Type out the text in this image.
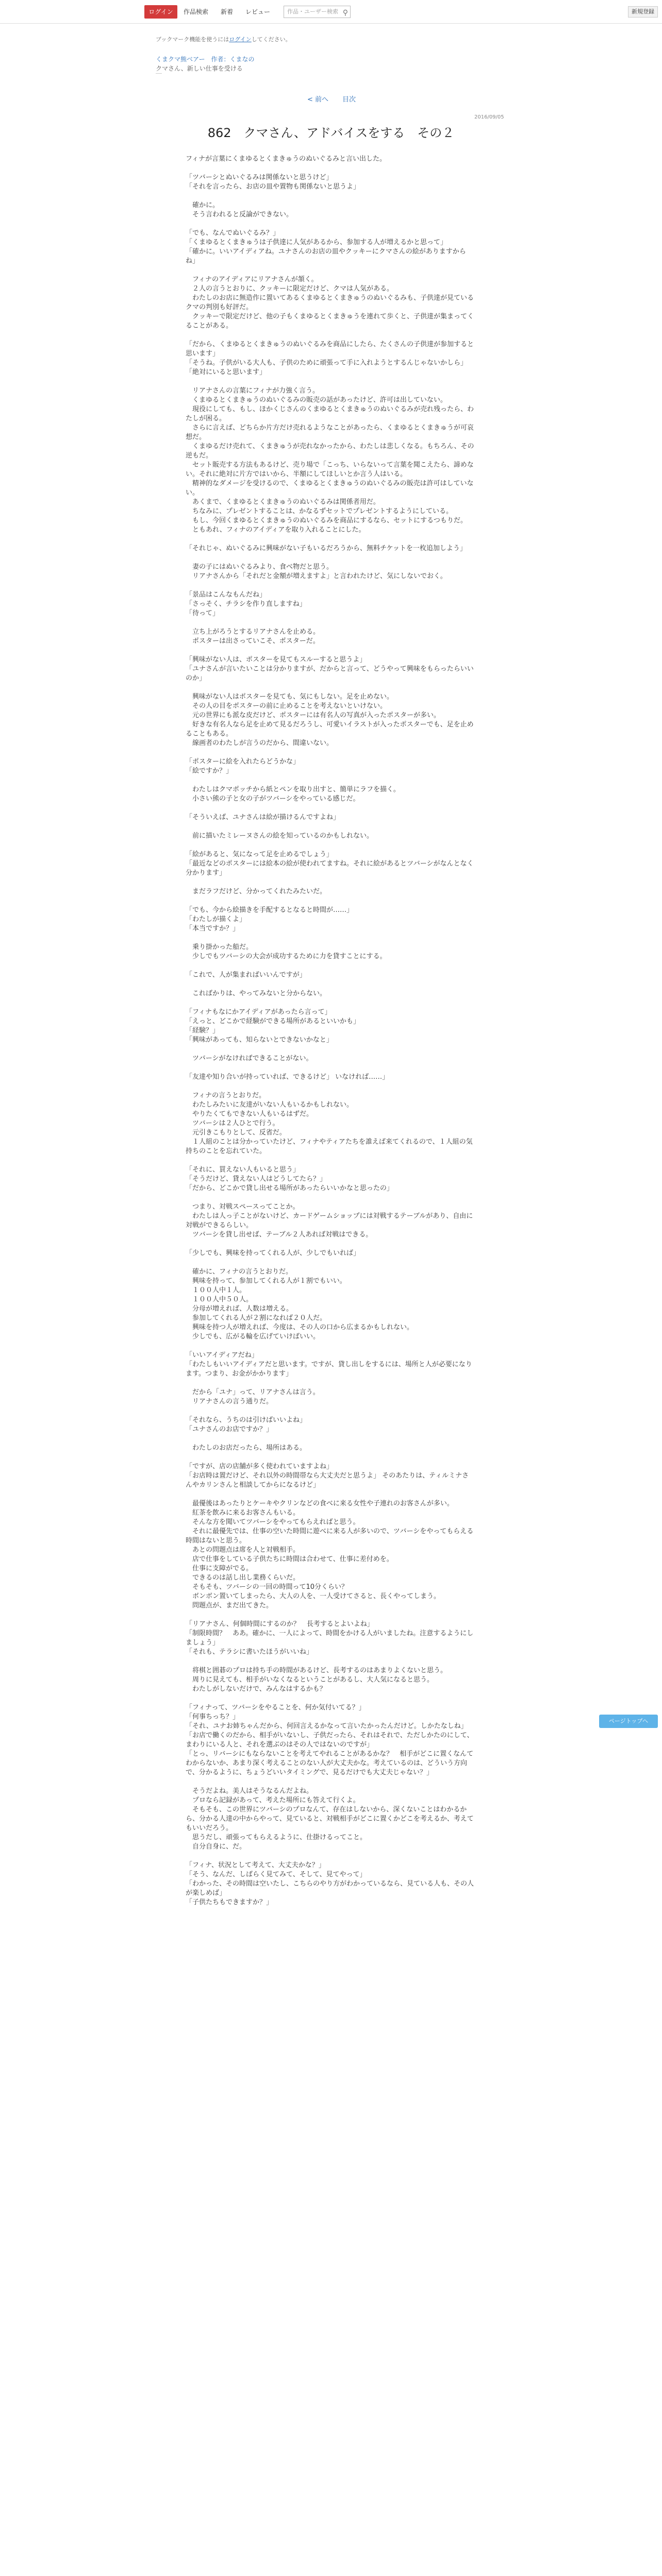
ログイン	作品検索 新着 レビュー	作品・ユーザー検索 ⚲	新規登録
ブックマーク機能を使うにはログインしてください。
くまクマ熊ベアー 作者：くまなの
クマさん、新しい仕事を受ける
< 前へ 目次
2016/09/05
862　クマさん、アドバイスをする　その２

フィナが言葉にくまゆるとくまきゅうのぬいぐるみと言い出した。

「ツバーシとぬいぐるみは関係ないと思うけど」

「それを言ったら、お店の皿や置物も関係ないと思うよ」

　確かに。

　そう言われると反論ができない。

「でも、なんでぬいぐるみ？」

「くまゆるとくまきゅうは子供達に人気があるから、参加する人が増えるかと思って」

「確かに。いいアイディアね。ユナさんのお店の皿やクッキーにクマさんの絵がありますからね」

　フィナのアイディアにリアナさんが頷く。

　２人の言うとおりに、クッキーに限定だけど、クマは人気がある。

　わたしのお店に無造作に置いてあるくまゆるとくまきゅうのぬいぐるみも、子供達が見ているクマの判別も好評だ。

　クッキーで限定だけど、他の子もくまゆるとくまきゅうを連れて歩くと、子供達が集まってくることがある。

「だから、くまゆるとくまきゅうのぬいぐるみを商品にしたら、たくさんの子供達が参加すると思います」

「そうね。子供がいる大人も、子供のために頑張って手に入れようとするんじゃないかしら」

「絶対にいると思います」

　リアナさんの言葉にフィナが力強く言う。

　くまゆるとくまきゅうのぬいぐるみの販売の話があったけど、許可は出していない。

　現役にしても、もし、ほかくじさんのくまゆるとくまきゅうのぬいぐるみが売れ残ったら、わたしが困る。

　さらに言えば、どちらか片方だけ売れるようなことがあったら、くまゆるとくまきゅうが可哀想だ。

　くまゆるだけ売れて、くまきゅうが売れなかったから、わたしは悲しくなる。もちろん、その逆もだ。

　セット販売する方法もあるけど、売り場で「こっち、いらないって言葉を聞こえたら、諦めない。それに絶対に片方ではいから、半額にしてほしいとか言う人はいる。

　精神的なダメージを受けるので、くまゆるとくまきゅうのぬいぐるみの販売は許可はしていない。

　あくまで、くまゆるとくまきゅうのぬいぐるみは関係者用だ。

　ちなみに、プレゼントすることは、かなるずセットでプレゼントするようにしている。

　もし、今回くまゆるとくまきゅうのぬいぐるみを商品にするなら、セットにするつもりだ。

　ともあれ、フィナのアイディアを取り入れることにした。

「それじゃ、ぬいぐるみに興味がない子もいるだろうから、無料チケットを一枚追加しよう」

　妻の子にはぬいぐるみより、食べ物だと思う。

　リアナさんから「それだと金額が増えますよ」と言われたけど、気にしないでおく。

「景品はこんなもんだね」

「さっそく、チラシを作り直しますね」

「待って」

　立ち上がろうとするリアナさんを止める。

　ポスターは出さっていこそ、ポスターだ。

「興味がない人は、ポスターを見てもスルーすると思うよ」

「ユナさんが言いたいことは分かりますが、だからと言って、どうやって興味をもらったらいいのか」

　興味がない人はポスターを見ても、気にもしない。足を止めない。

　その人の目をポスターの前に止めることを考えないといけない。

　元の世界にも派な皮だけど、ポスターには有名人の写真が入ったポスターが多い。

　好きな有名人なら足を止めて見るだろうし、可愛いイラストが入ったポスターでも、足を止めることもある。

　線画者のわたしが言うのだから、間違いない。

「ポスターに絵を入れたらどうかな」

「絵ですか？」

　わたしはクマポッチから紙とペンを取り出すと、簡単にラフを描く。

　小さい熊の子と女の子がツバーシをやっている感じだ。

「そういえば、ユナさんは絵が描けるんですよね」

　前に描いたミレーヌさんの絵を知っているのかもしれない。

「絵があると、気になって足を止めるでしょう」

「最近などのポスターには絵本の絵が使われてますね。それに絵があるとツバーシがなんとなく分かります」

　まだラフだけど、分かってくれたみたいだ。

「でも、今から絵描きを手配するとなると時間が……」

「わたしが描くよ」

「本当ですか？」

　乗り掛かった船だ。

　少しでもツバーシの大会が成功するために力を貸すことにする。

「これで、人が集まればいいんですが」

　こればかりは、やってみないと分からない。

「フィナもなにかアイディアがあったら言って」

「えっと、どこかで経験ができる場所があるといいかも」

「経験？」

「興味があっても、知らないとできないかなと」

　ツバーシがなければできることがない。

「友達や知り合いが持っていれば、できるけど」 いなければ……」

　フィナの言うとおりだ。

　わたしみたいに友達がいない人もいるかもしれない。

　やりたくてもできない人もいるはずだ。

　ツバーシは２人ひとで行う。

　元引きこもりとして、反省だ。

　１人組のことは分かっていたけど、フィナやティアたちを誰えば来てくれるので、１人組の気持ちのことを忘れていた。

「それに、買えない人もいると思う」

「そうだけど、貸えない人はどうしてたら？」

「だから、どこかで貸し出せる場所があったらいいかなと思ったの」

　つまり、対戦スペースってことか。

　わたしは人っ子ことがないけど、カードゲームショップには対戦するテーブルがあり、自由に対戦ができるらしい。

　ツバーシを貸し出せば、テーブル２人あれば対戦はできる。

「少しでも、興味を持ってくれる人が、少しでもいれば」

　確かに、フィナの言うとおりだ。

　興味を持って、参加してくれる人が１割でもいい。

　１００人中１人。

　１００人中５０人。

　分母が増えれば、人数は増える。

　参加してくれる人が２割になれば２０人だ。

　興味を持つ人が増えれば、今度は、その人の口から広まるかもしれない。

　少しでも、広がる輪を広げていけばいい。

「いいアイディアだね」

「わたしもいいアイディアだと思います。ですが、貸し出しをするには、場所と人が必要になります。つまり、お金がかかります」

　だから「ユナ」って、リアナさんは言う。

　リアナさんの言う通りだ。

「それなら、うちのは引けばいいよね」

「ユナさんのお店ですか？」

　わたしのお店だったら、場所はある。

「ですが、店の店舗が多く使われていますよね」

「お店時は置だけど、それ以外の時間帯なら大丈夫だと思うよ」 そのあたりは、ティルミナさんやカリンさんと相談してからになるけど」

　最優後はあったりとケーキやクリンなどの食べに来る女性や子連れのお客さんが多い。

　紅茶を飲みに来るお客さんもいる。

　そんな方を聞いてツバーシをやってもらえればと思う。

　それに最優先では、仕事の空いた時間に遊べに来る人が多いので、ツバーシをやってもらえる時間はないと思う。

　あとの問題点は席を人と対戦相手。

　店で仕事をしている子供たちに時間は合わせて、仕事に差付めを。

　仕事に支障がでる。

　できるのは話し出し業務くらいだ。

　そもそも、ツバーシの一回の時間って10分くらい？

　ボンボン置いてしまったら、大人の人を、一人受けてさると、長くやってしまう。

　問題点が、まだ出てきた。

「リアナさん、何個時間にするのか？　長考するとよいよね」

「制限時間？　ああ。確かに、一人によって、時間をかける人がいましたね。注意するようにしましょう」

「それも、テラシに書いたほうがいいね」

　将棋と囲碁のプロは持ち手の時間があるけど、長考するのはあまりよくないと思う。

　周りに見えても、相手がいなくなるということがあるし、大人気になると思う。

　わたしがしないだけで、みんなはするかも？

「フィナって、ツバーシをやることを、何か気付いてる？」

「何事ちっち？」

「それ、ユナお姉ちゃんだから、何回言えるかなって言いたかったんだけど。しかたなしね」

「お店で働くのだから、相手がいないし、子供だったら、それはそれで、ただしかたのにして、まわりにいる人と、それを選ぶのはその人ではないのですが」

「とっ、リバーシにもならないことを考えてやれることがあるかな？　相手がどこに置くなんてわからないか、あまり深く考えることのない人が大丈夫かな。考えているのは、どういう方向で、分かるように、ちょうどいいタイミングで、見るだけでも大丈夫じゃない？」

　そうだよね。美人はそうなるんだよね。

　プロなら記録があって、考えた場所にも答えて行くよ。

　そもそも、この世界にツバーシのプロなんて、存在はしないから、深くないことはわかるから、分かる人達の中からやって、見ていると、対戦相手がどこに置くかどこを考えるか、考えてもいいだろう。

　思うだし、頑張ってもらえるように、仕掛けるってこと。

　自分自身に、だ。

「フィナ、状況として考えて、大丈夫かな？」

「そう、なんだ、しばらく見てみて、そして、見てやって」

「わかった、その時間は空いたし、こちらのやり方がわかっているなら、見ている人も、その人が楽しめば」

「子供たちもできますか？」

ページトップへ
